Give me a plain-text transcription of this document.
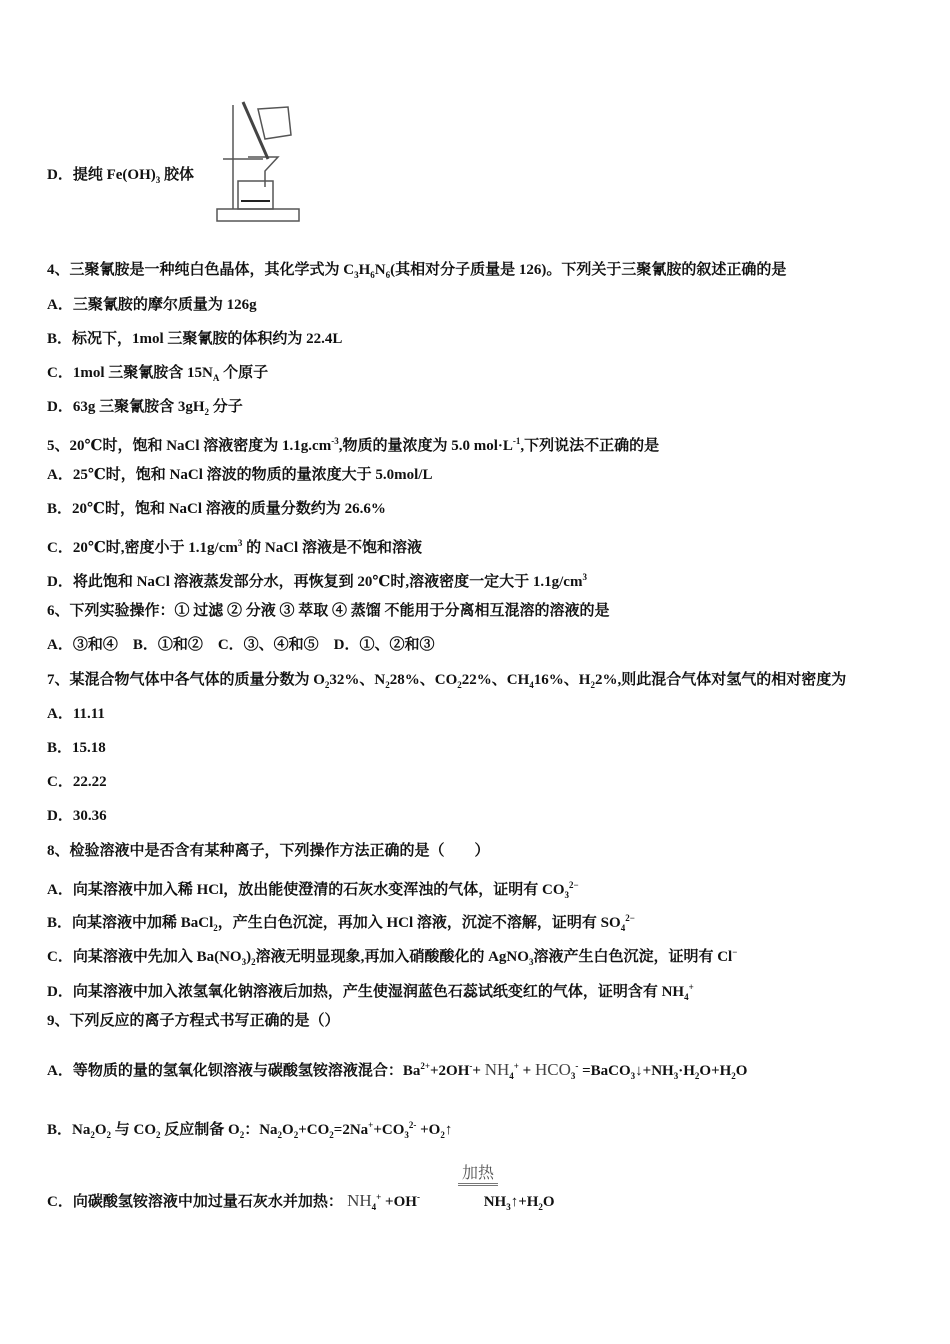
D．提纯 $Fe(OH)_3$ 胶体
4、三聚氰胺是一种纯白色晶体，其化学式为 $C_3H_6N_6$(其相对分子质量是 126)。下列关于三聚氰胺的叙述正确的是
A．三聚氰胺的摩尔质量为 126g
B．标况下，1mol 三聚氰胺的体积约为 22.4L
C．1mol 三聚氰胺含 $15N_A$ 个原子
D．63g 三聚氰胺含 $3gH_2$ 分子
5、20℃时，饱和 NaCl 溶液密度为 $1.1g.cm^{-3}$,物质的量浓度为 5.0 $mol\cdot L^{-1}$,下列说法不正确的是
A．25℃时，饱和 NaCl 溶波的物质的量浓度大于 5.0mol/L
B．20℃时，饱和 NaCl 溶液的质量分数约为 26.6%
C．20℃时,密度小于 $1.1g/cm^3$ 的 NaCl 溶液是不饱和溶液
D．将此饱和 NaCl 溶液蒸发部分水，再恢复到 20℃时,溶液密度一定大于 $1.1g/cm^3$
6、下列实验操作：① 过滤 ② 分液 ③ 萃取 ④ 蒸馏 不能用于分离相互混溶的溶液的是
A．③和④　B．①和②　C．③、④和⑤　D．①、②和③
7、某混合物气体中各气体的质量分数为 $O_232\%$、$N_228\%$、$CO_222\%$、$CH_416\%$、$H_22\%$,则此混合气体对氢气的相对密度为
A．11.11
B．15.18
C．22.22
D．30.36
8、检验溶液中是否含有某种离子，下列操作方法正确的是（　　）
A．向某溶液中加入稀 HCl，放出能使澄清的石灰水变浑浊的气体，证明有 $CO_3^{2-}$
B．向某溶液中加稀 BaCl$_2$，产生白色沉淀，再加入 HCl 溶液，沉淀不溶解，证明有 $SO_4^{2-}$
C．向某溶液中先加入 $Ba(NO_3)_2$溶液无明显现象,再加入硝酸酸化的 AgNO$_3$溶液产生白色沉淀，证明有 Cl−
D．向某溶液中加入浓氢氧化钠溶液后加热，产生使湿润蓝色石蕊试纸变红的气体，证明含有 $NH_4^+$
9、下列反应的离子方程式书写正确的是（）
A．等物质的量的氢氧化钡溶液与碳酸氢铵溶液混合：$Ba^{2+}+2OH^-+ NH_4^+ + HCO_3^-$ $=BaCO_3↓+NH_3\cdot H_2O+H_2O$
B．$Na_2O_2$ 与 $CO_2$ 反应制备 $O_2$：$Na_2O_2+CO_2=2Na^++CO_3^{2-}$ $+O_2↑$
C．向碳酸氢铵溶液中加过量石灰水并加热： $NH_4^+ +OH^-$　　　　 $NH_3↑+H_2O$
加热
